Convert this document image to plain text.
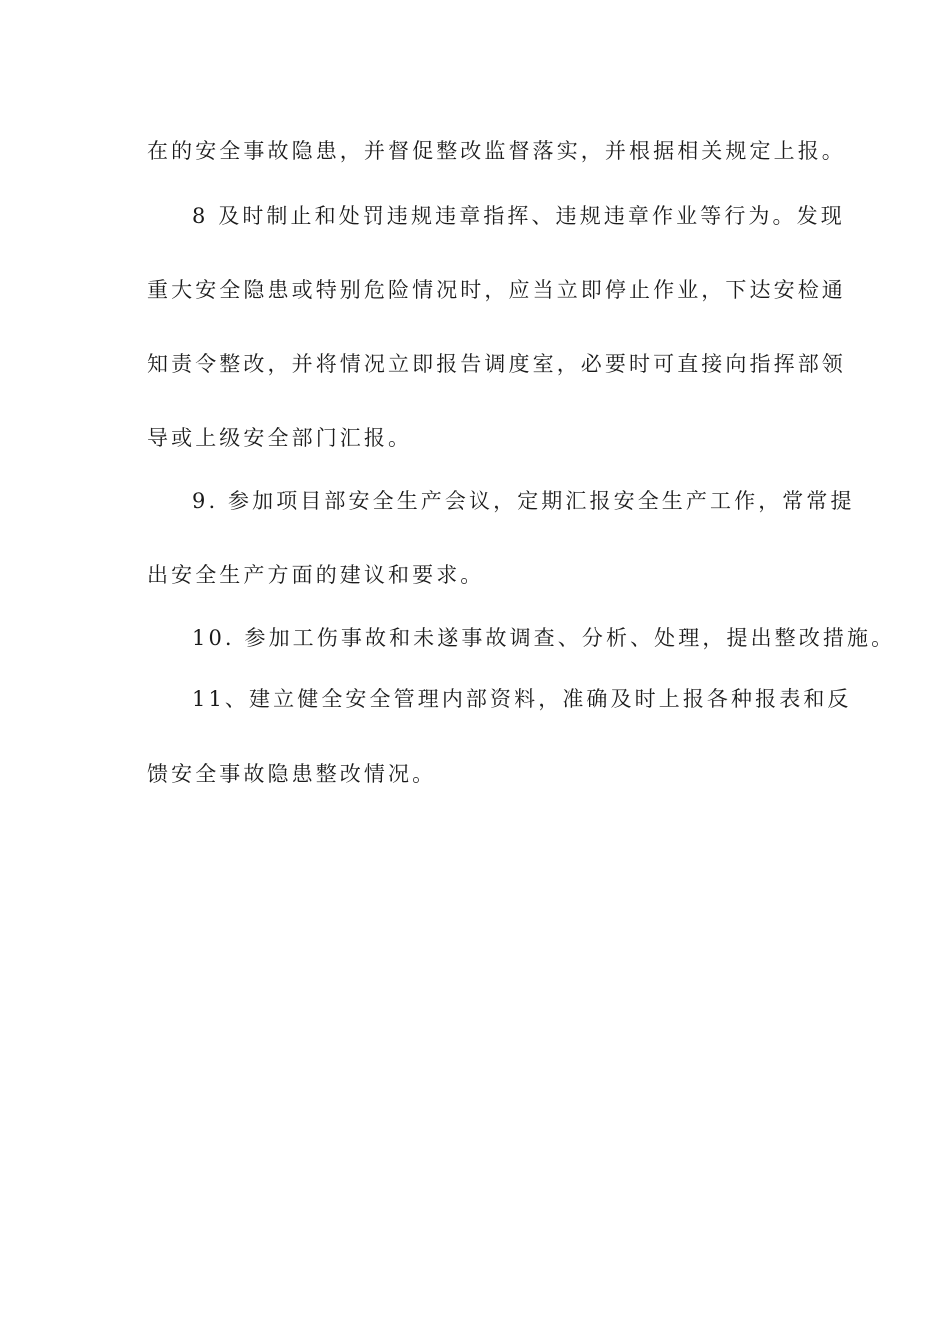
在的安全事故隐患，并督促整改监督落实，并根据相关规定上报。
8 及时制止和处罚违规违章指挥、违规违章作业等行为。发现
重大安全隐患或特别危险情况时，应当立即停止作业，下达安检通
知责令整改，并将情况立即报告调度室，必要时可直接向指挥部领
导或上级安全部门汇报。
9. 参加项目部安全生产会议，定期汇报安全生产工作，常常提
出安全生产方面的建议和要求。
10. 参加工伤事故和未遂事故调查、分析、处理，提出整改措施。
11、建立健全安全管理内部资料，准确及时上报各种报表和反
馈安全事故隐患整改情况。
